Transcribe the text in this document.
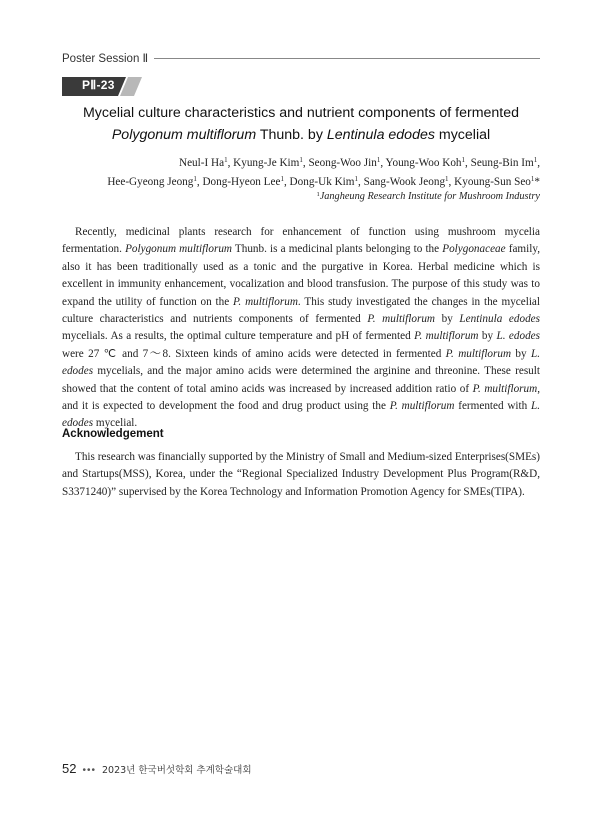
Poster Session Ⅱ
PⅡ-23
Mycelial culture characteristics and nutrient components of fermented
Polygonum multiflorum Thunb. by Lentinula edodes mycelial
Neul-I Ha$^1$, Kyung-Je Kim$^1$, Seong-Woo Jin$^1$, Young-Woo Koh$^1$, Seung-Bin Im$^1$,
Hee-Gyeong Jeong$^1$, Dong-Hyeon Lee$^1$, Dong-Uk Kim$^1$, Sang-Wook Jeong$^1$, Kyoung-Sun Seo$^1$*
$^1$Jangheung Research Institute for Mushroom Industry

Recently, medicinal plants research for enhancement of function using mushroom mycelia fermentation. Polygonum multiflorum Thunb. is a medicinal plants belonging to the Polygonaceae family, also it has been traditionally used as a tonic and the purgative in Korea. Herbal medicine which is excellent in immunity enhancement, vocalization and blood transfusion. The purpose of this study was to expand the utility of function on the P. multiflorum. This study investigated the changes in the mycelial culture characteristics and nutrients components of fermented P. multiflorum by Lentinula edodes mycelials. As a results, the optimal culture temperature and pH of fermented P. multiflorum by L. edodes were 27 ℃ and 7～8. Sixteen kinds of amino acids were detected in fermented P. multiflorum by L. edodes mycelials, and the major amino acids were determined the arginine and threonine. These result showed that the content of total amino acids was increased by increased addition ratio of P. multiflorum, and it is expected to development the food and drug product using the P. multiflorum fermented with L. edodes mycelial.

Acknowledgement

This research was financially supported by the Ministry of Small and Medium-sized Enterprises(SMEs) and Startups(MSS), Korea, under the “Regional Specialized Industry Development Plus Program(R&D, S3371240)” supervised by the Korea Technology and Information Promotion Agency for SMEs(TIPA).

52 ••• 2023년 한국버섯학회 추계학술대회
